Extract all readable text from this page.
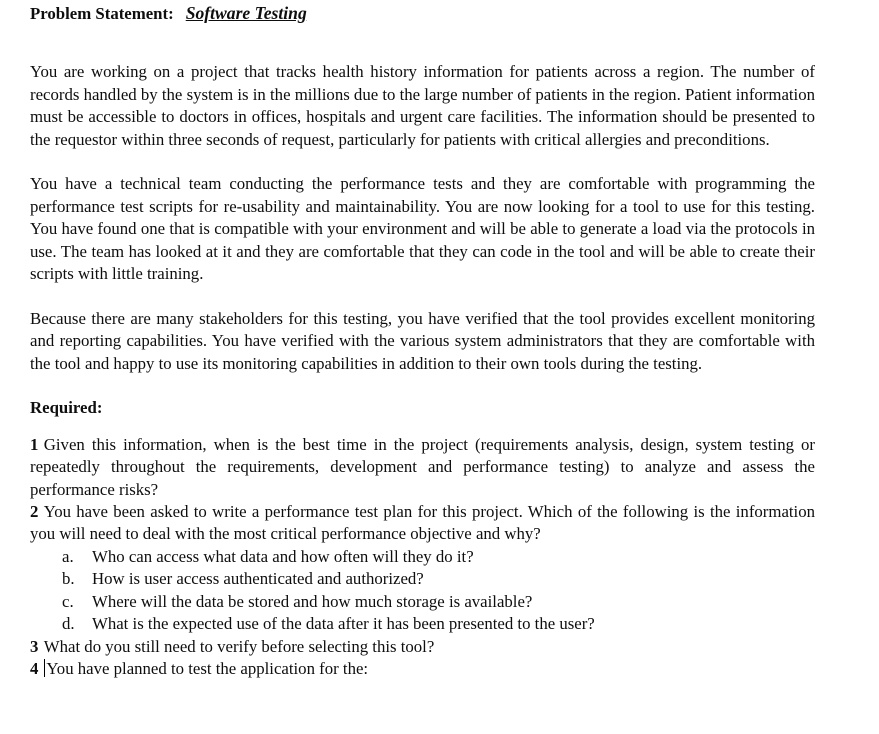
Problem Statement: Software Testing

You are working on a project that tracks health history information for patients across a region. The number of records handled by the system is in the millions due to the large number of patients in the region. Patient information must be accessible to doctors in offices, hospitals and urgent care facilities. The information should be presented to the requestor within three seconds of request, particularly for patients with critical allergies and preconditions.

You have a technical team conducting the performance tests and they are comfortable with programming the performance test scripts for re-usability and maintainability. You are now looking for a tool to use for this testing. You have found one that is compatible with your environment and will be able to generate a load via the protocols in use. The team has looked at it and they are comfortable that they can code in the tool and will be able to create their scripts with little training.

Because there are many stakeholders for this testing, you have verified that the tool provides excellent monitoring and reporting capabilities. You have verified with the various system administrators that they are comfortable with the tool and happy to use its monitoring capabilities in addition to their own tools during the testing.

Required:

1 Given this information, when is the best time in the project (requirements analysis, design, system testing or repeatedly throughout the requirements, development and performance testing) to analyze and assess the performance risks?

2 You have been asked to write a performance test plan for this project. Which of the following is the information you will need to deal with the most critical performance objective and why?

a.	Who can access what data and how often will they do it?
b.	How is user access authenticated and authorized?
c.	Where will the data be stored and how much storage is available?
d.	What is the expected use of the data after it has been presented to the user?

3 What do you still need to verify before selecting this tool?

4 You have planned to test the application for the:
